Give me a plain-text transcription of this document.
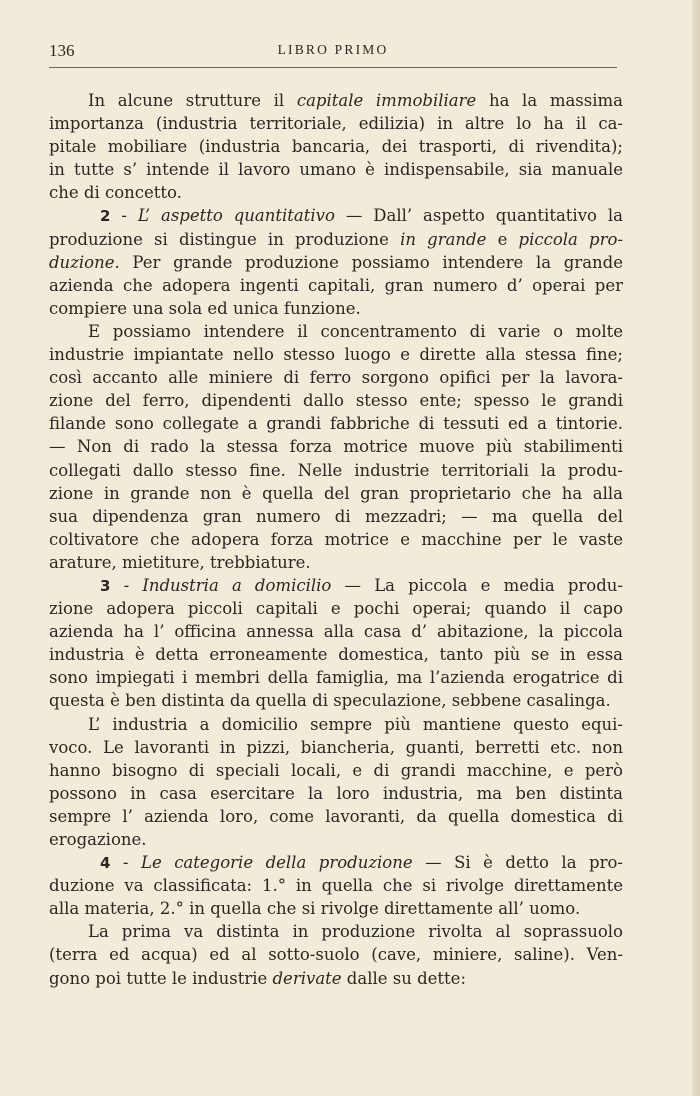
136	LIBRO PRIMO
In alcune strutture il capitale immobiliare ha la massima
importanza (industria territoriale, edilizia) in altre lo ha il ca-
pitale mobiliare (industria bancaria, dei trasporti, di rivendita);
in tutte s’ intende il lavoro umano è indispensabile, sia manuale
che di concetto.
2 - L’ aspetto quantitativo — Dall’ aspetto quantitativo la
produzione si distingue in produzione in grande e piccola pro-
duzione. Per grande produzione possiamo intendere la grande
azienda che adopera ingenti capitali, gran numero d’ operai per
compiere una sola ed unica funzione.
E possiamo intendere il concentramento di varie o molte
industrie impiantate nello stesso luogo e dirette alla stessa fine;
così accanto alle miniere di ferro sorgono opifici per la lavora-
zione del ferro, dipendenti dallo stesso ente; spesso le grandi
filande sono collegate a grandi fabbriche di tessuti ed a tintorie.
— Non di rado la stessa forza motrice muove più stabilimenti
collegati dallo stesso fine. Nelle industrie territoriali la produ-
zione in grande non è quella del gran proprietario che ha alla
sua dipendenza gran numero di mezzadri; — ma quella del
coltivatore che adopera forza motrice e macchine per le vaste
arature, mietiture, trebbiature.
3 - Industria a domicilio — La piccola e media produ-
zione adopera piccoli capitali e pochi operai; quando il capo
azienda ha l’ officina annessa alla casa d’ abitazione, la piccola
industria è detta erroneamente domestica, tanto più se in essa
sono impiegati i membri della famiglia, ma l’azienda erogatrice di
questa è ben distinta da quella di speculazione, sebbene casalinga.
L’ industria a domicilio sempre più mantiene questo equi-
voco. Le lavoranti in pizzi, biancheria, guanti, berretti etc. non
hanno bisogno di speciali locali, e di grandi macchine, e però
possono in casa esercitare la loro industria, ma ben distinta
sempre l’ azienda loro, come lavoranti, da quella domestica di
erogazione.
4 - Le categorie della produzione — Si è detto la pro-
duzione va classificata: 1.° in quella che si rivolge direttamente
alla materia, 2.° in quella che si rivolge direttamente all’ uomo.
La prima va distinta in produzione rivolta al soprassuolo
(terra ed acqua) ed al sotto-suolo (cave, miniere, saline). Ven-
gono poi tutte le industrie derivate dalle su dette:
